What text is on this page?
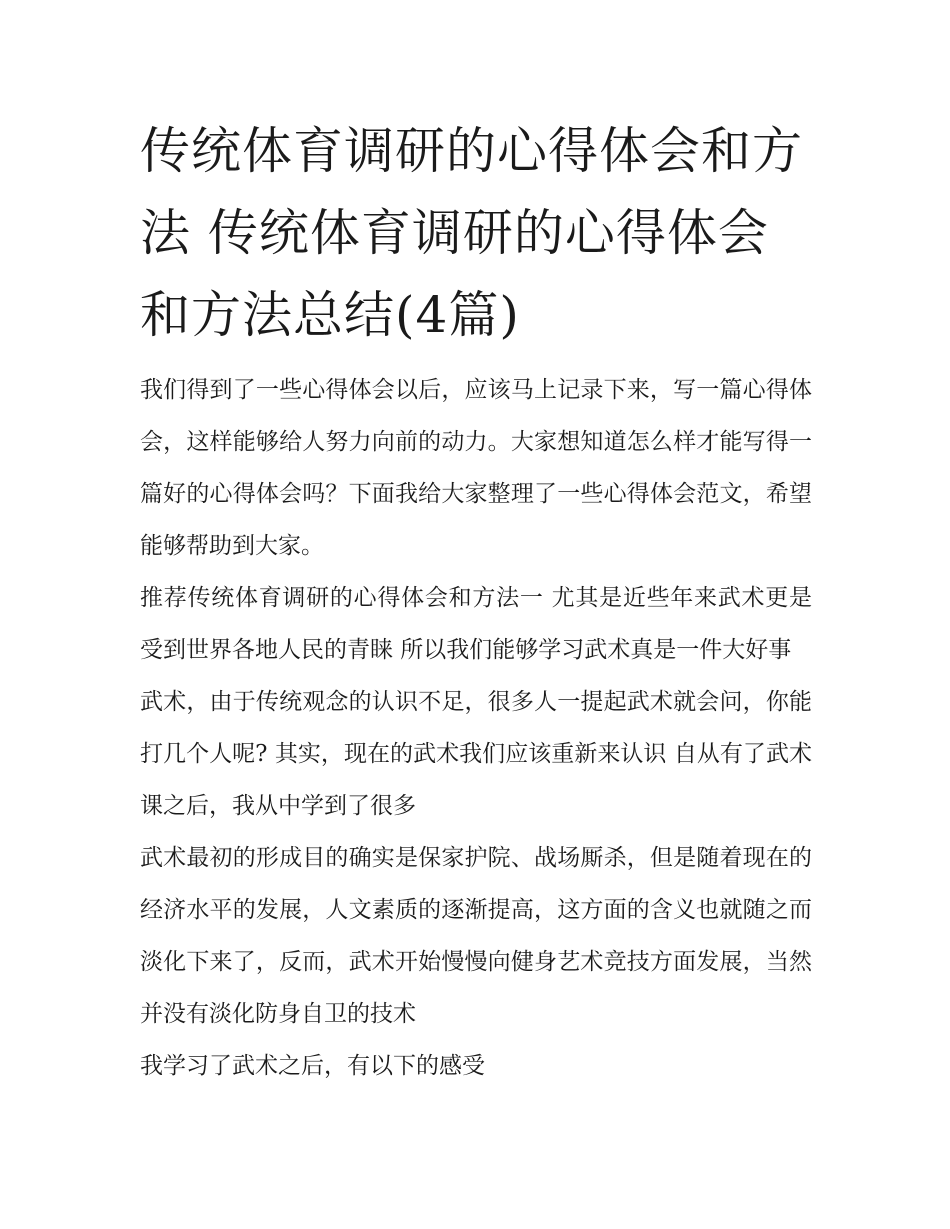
传统体育调研的心得体会和方法 传统体育调研的心得体会和方法总结(4篇)

我们得到了一些心得体会以后，应该马上记录下来，写一篇心得体会，这样能够给人努力向前的动力。大家想知道怎么样才能写得一篇好的心得体会吗？下面我给大家整理了一些心得体会范文，希望能够帮助到大家。

推荐传统体育调研的心得体会和方法一 尤其是近些年来武术更是受到世界各地人民的青睐 所以我们能够学习武术真是一件大好事

武术，由于传统观念的认识不足，很多人一提起武术就会问，你能打几个人呢? 其实，现在的武术我们应该重新来认识 自从有了武术课之后，我从中学到了很多

武术最初的形成目的确实是保家护院、战场厮杀，但是随着现在的经济水平的发展，人文素质的逐渐提高，这方面的含义也就随之而淡化下来了，反而，武术开始慢慢向健身艺术竞技方面发展，当然并没有淡化防身自卫的技术

我学习了武术之后，有以下的感受
